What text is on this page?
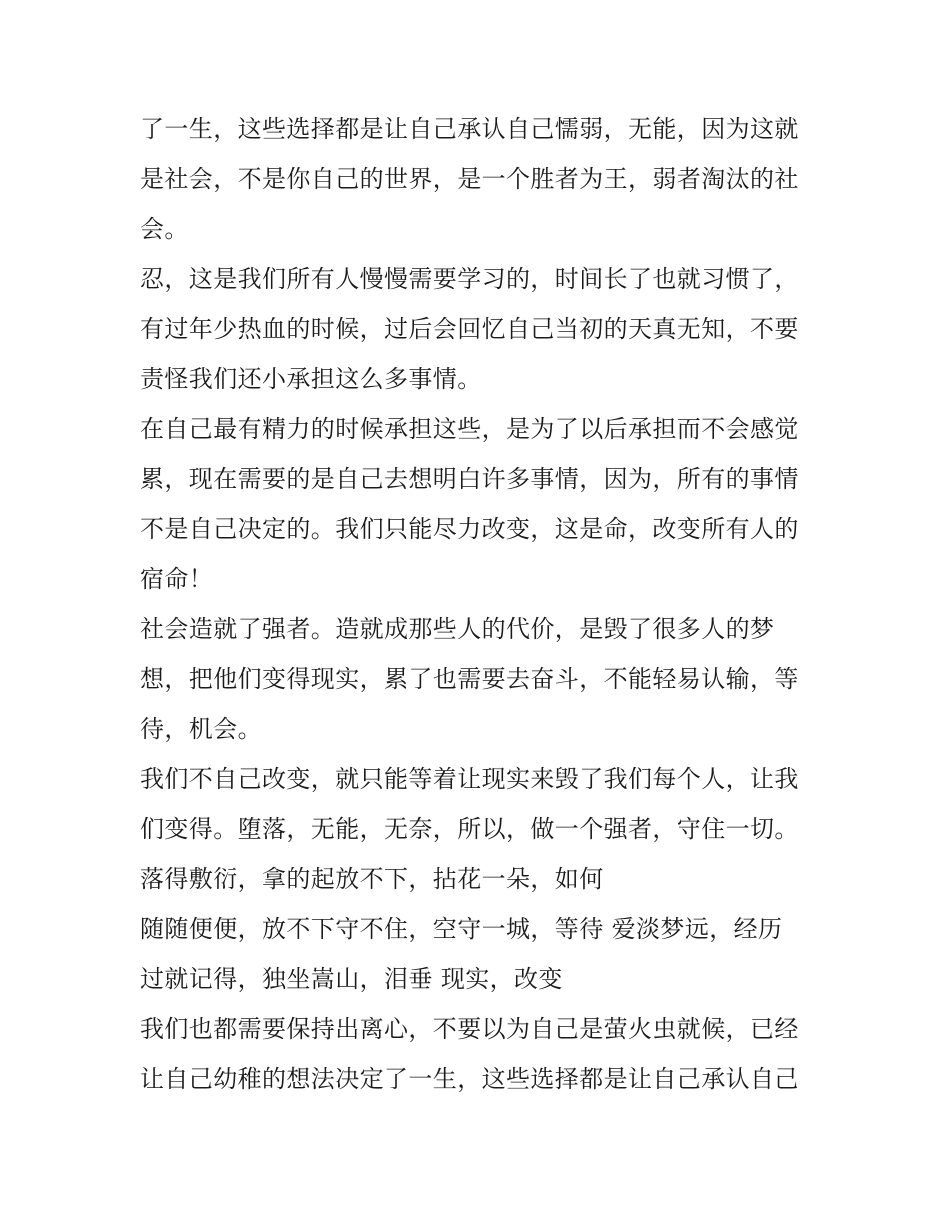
了一生，这些选择都是让自己承认自己懦弱，无能，因为这就
是社会，不是你自己的世界，是一个胜者为王，弱者淘汰的社
会。
忍，这是我们所有人慢慢需要学习的，时间长了也就习惯了，
有过年少热血的时候，过后会回忆自己当初的天真无知，不要
责怪我们还小承担这么多事情。
在自己最有精力的时候承担这些，是为了以后承担而不会感觉
累，现在需要的是自己去想明白许多事情，因为，所有的事情
不是自己决定的。我们只能尽力改变，这是命，改变所有人的
宿命！
社会造就了强者。造就成那些人的代价，是毁了很多人的梦
想，把他们变得现实，累了也需要去奋斗，不能轻易认输，等
待，机会。
我们不自己改变，就只能等着让现实来毁了我们每个人，让我
们变得。堕落，无能，无奈，所以，做一个强者，守住一切。
落得敷衍，拿的起放不下，拈花一朵，如何
随随便便，放不下守不住，空守一城，等待 爱淡梦远，经历
过就记得，独坐嵩山，泪垂 现实，改变
我们也都需要保持出离心，不要以为自己是萤火虫就候，已经
让自己幼稚的想法决定了一生，这些选择都是让自己承认自己
